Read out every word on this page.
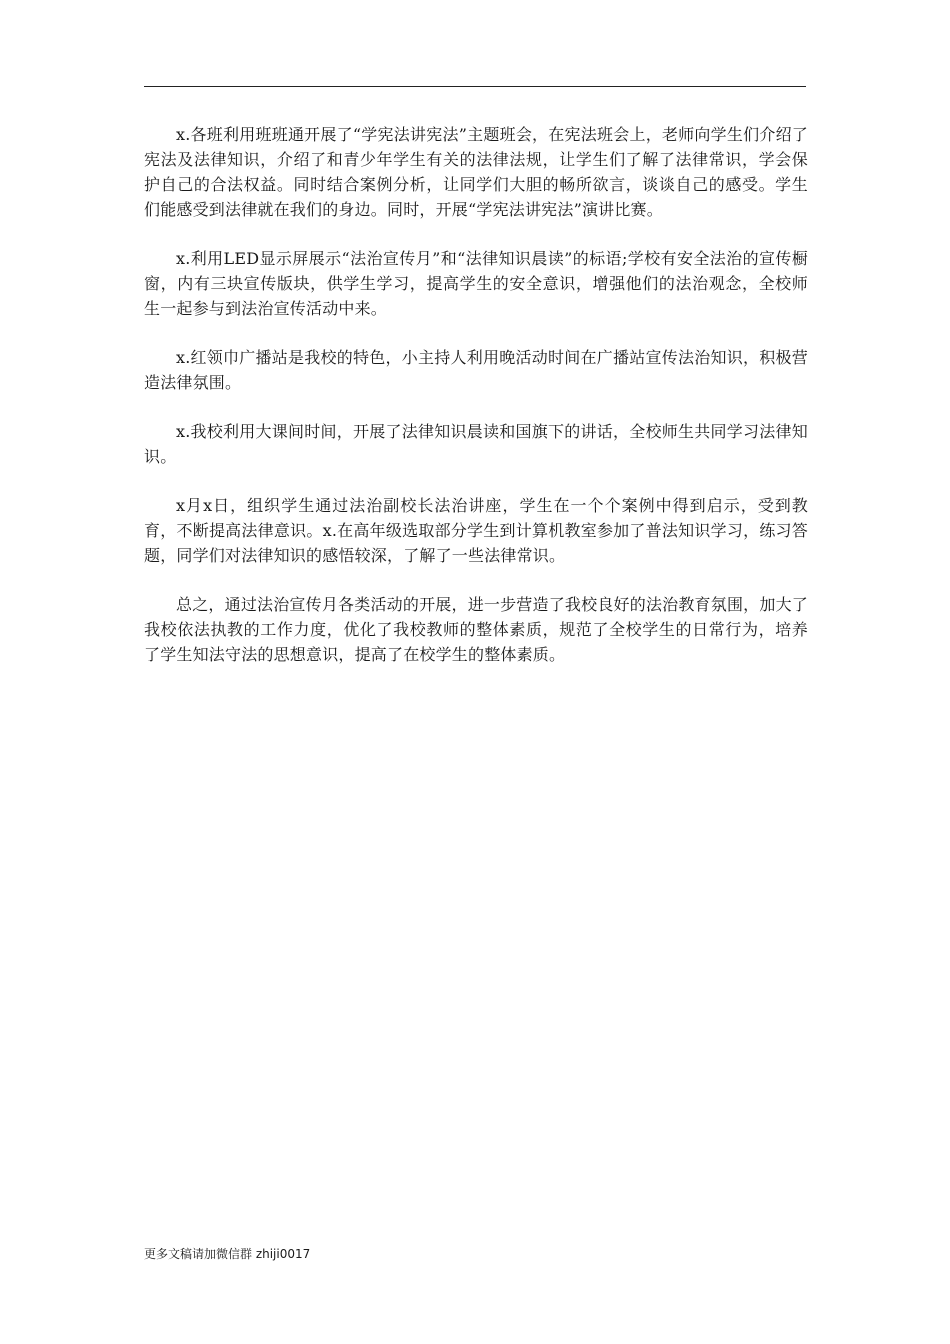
x.各班利用班班通开展了“学宪法讲宪法”主题班会，在宪法班会上，老师向学生们介绍了宪法及法律知识，介绍了和青少年学生有关的法律法规，让学生们了解了法律常识，学会保护自己的合法权益。同时结合案例分析，让同学们大胆的畅所欲言，谈谈自己的感受。学生们能感受到法律就在我们的身边。同时，开展“学宪法讲宪法”演讲比赛。

x.利用LED显示屏展示“法治宣传月”和“法律知识晨读”的标语;学校有安全法治的宣传橱窗，内有三块宣传版块，供学生学习，提高学生的安全意识，增强他们的法治观念，全校师生一起参与到法治宣传活动中来。

x.红领巾广播站是我校的特色，小主持人利用晚活动时间在广播站宣传法治知识，积极营造法律氛围。

x.我校利用大课间时间，开展了法律知识晨读和国旗下的讲话，全校师生共同学习法律知识。

x月x日，组织学生通过法治副校长法治讲座，学生在一个个案例中得到启示，受到教育，不断提高法律意识。x.在高年级选取部分学生到计算机教室参加了普法知识学习，练习答题，同学们对法律知识的感悟较深，了解了一些法律常识。

总之，通过法治宣传月各类活动的开展，进一步营造了我校良好的法治教育氛围，加大了我校依法执教的工作力度，优化了我校教师的整体素质，规范了全校学生的日常行为，培养了学生知法守法的思想意识，提高了在校学生的整体素质。

更多文稿请加微信群 zhiji0017
